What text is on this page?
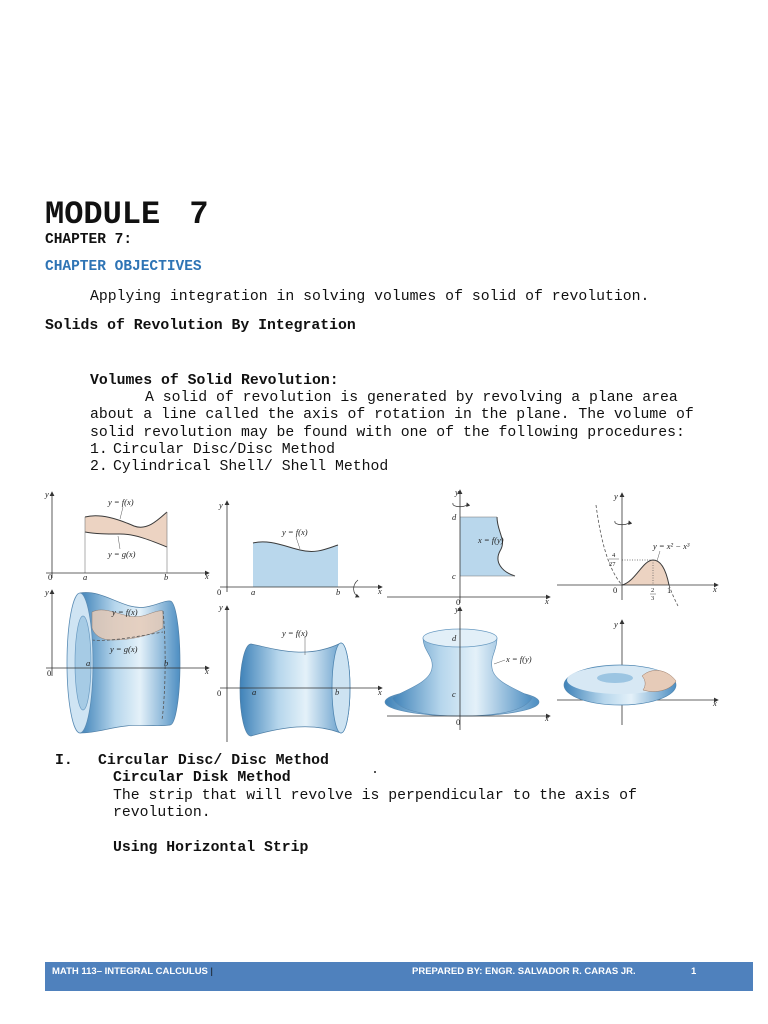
MODULE 7
CHAPTER 7:
CHAPTER OBJECTIVES
Applying integration in solving volumes of solid of revolution.
Solids of Revolution By Integration
Volumes of Solid Revolution:
A solid of revolution is generated by revolving a plane area
about a line called the axis of rotation in the plane. The volume of
solid revolution may be found with one of the following procedures:
1. Circular Disc/Disc Method
2. Cylindrical Shell/ Shell Method
y
0	a	b	x
y = f(x)
y = g(x)
y
0
a	b
x
y = f(x)
y = g(x)
y
0	a	b	x
y = f(x)
y
0	a	b	x
y = f(x)
y
d
c
x = f(y)
0	x
y
d
c
x = f(y)
0	x
y
y = x² − x³
4
27
0	2
3
1	x
y
x
I. Circular Disc/ Disc Method
Circular Disk Method
The strip that will revolve is perpendicular to the axis of
revolution.
Using Horizontal Strip
MATH 113– INTEGRAL CALCULUS |	PREPARED BY: ENGR. SALVADOR R. CARAS JR.	1
